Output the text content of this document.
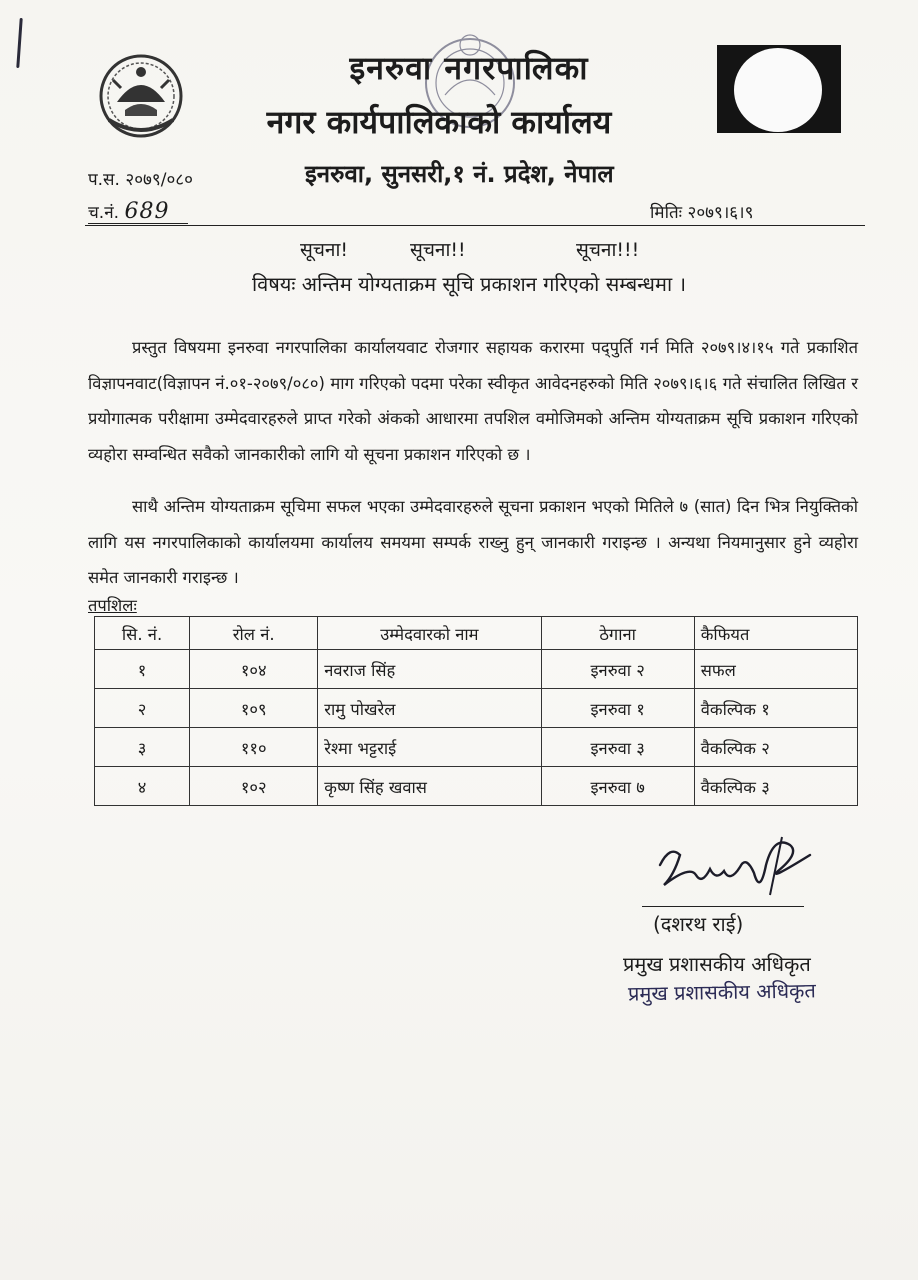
इनरुवा नगरपालिका
नगर कार्यपालिकाको कार्यालय
इनरुवा, सुनसरी,१ नं. प्रदेश, नेपाल
प.स. २०७९/०८०
च.नं. 689	मितिः २०७९।६।९
सूचना!	सूचना!!	सूचना!!!
विषयः अन्तिम योग्यताक्रम सूचि प्रकाशन गरिएको सम्बन्धमा ।
प्रस्तुत विषयमा इनरुवा नगरपालिका कार्यालयवाट रोजगार सहायक करारमा पद्पुर्ति गर्न मिति २०७९।४।१५ गते प्रकाशित विज्ञापनवाट(विज्ञापन नं.०१-२०७९/०८०) माग गरिएको पदमा परेका स्वीकृत आवेदनहरुको मिति २०७९।६।६ गते संचालित लिखित र प्रयोगात्मक परीक्षामा उम्मेदवारहरुले प्राप्त गरेको अंकको आधारमा तपशिल वमोजिमको अन्तिम योग्यताक्रम सूचि प्रकाशन गरिएको व्यहोरा सम्वन्धित सवैको जानकारीको लागि यो सूचना प्रकाशन गरिएको छ ।
साथै अन्तिम योग्यताक्रम सूचिमा सफल भएका उम्मेदवारहरुले सूचना प्रकाशन भएको मितिले ७ (सात) दिन भित्र नियुक्तिको लागि यस नगरपालिकाको कार्यालयमा कार्यालय समयमा सम्पर्क राख्नु हुन् जानकारी गराइन्छ । अन्यथा नियमानुसार हुने व्यहोरा समेत जानकारी गराइन्छ ।
तपशिलः
सि. नं.	रोल नं.	उम्मेदवारको नाम	ठेगाना	कैफियत
१	१०४	नवराज सिंह	इनरुवा २	सफल
२	१०९	रामु पोखरेल	इनरुवा १	वैकल्पिक १
३	११०	रेश्मा भट्टराई	इनरुवा ३	वैकल्पिक २
४	१०२	कृष्ण सिंह खवास	इनरुवा ७	वैकल्पिक ३
(दशरथ राई)
प्रमुख प्रशासकीय अधिकृत
प्रमुख प्रशासकीय अधिकृत
